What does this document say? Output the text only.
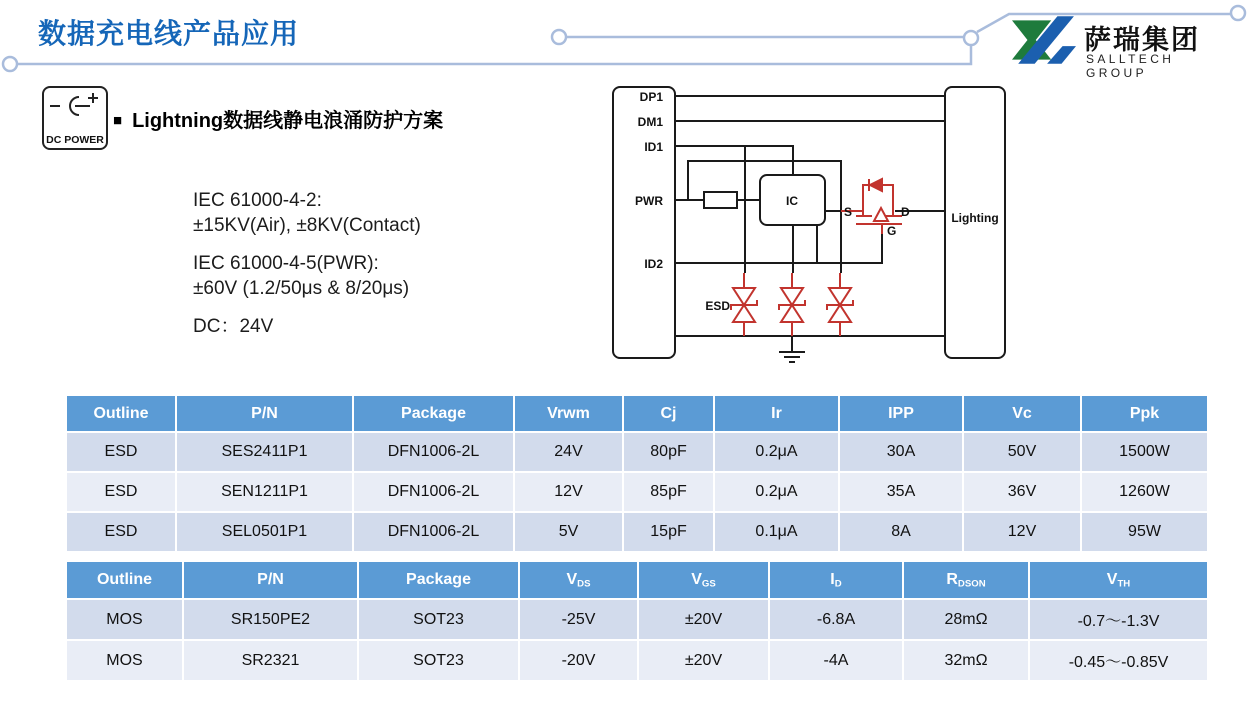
数据充电线产品应用	萨瑞集团
SALLTECH GROUP
DC POWER
■ Lightning数据线静电浪涌防护方案

IEC 61000-4-2:
±15KV(Air), ±8KV(Contact)

IEC 61000-4-5(PWR):
±60V (1.2/50μs & 8/20μs)

DC：24V

DP1
DM1
ID1
PWR
ID2
IC
ESD
S	D
G
Lighting
Outline	P/N	Package	Vrwm	Cj	Ir	IPP	Vc	Ppk
ESD	SES2411P1	DFN1006-2L	24V	80pF	0.2μA	30A	50V	1500W
ESD	SEN1211P1	DFN1006-2L	12V	85pF	0.2μA	35A	36V	1260W
ESD	SEL0501P1	DFN1006-2L	5V	15pF	0.1μA	8A	12V	95W
Outline	P/N	Package	$V_{DS}$	$V_{GS}$	$I_D$	$R_{DSON}$	$V_{TH}$
MOS	SR150PE2	SOT23	-25V	±20V	-6.8A	28mΩ	-0.7～-1.3V
MOS	SR2321	SOT23	-20V	±20V	-4A	32mΩ	-0.45～-0.85V
